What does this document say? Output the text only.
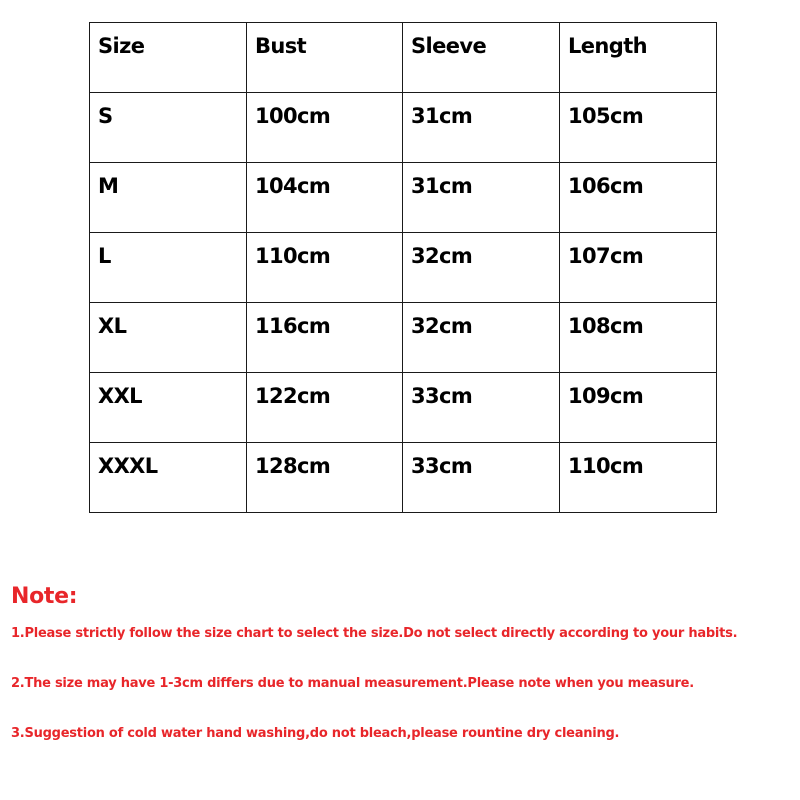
Size	Bust	Sleeve	Length

S	100cm	31cm	105cm

M	104cm	31cm	106cm

L	110cm	32cm	107cm

XL	116cm	32cm	108cm

XXL	122cm	33cm	109cm

XXXL	128cm	33cm	110cm
Note:

1.Please strictly follow the size chart to select the size.Do not select directly according to your habits.

2.The size may have 1-3cm differs due to manual measurement.Please note when you measure.

3.Suggestion of cold water hand washing,do not bleach,please rountine dry cleaning.
